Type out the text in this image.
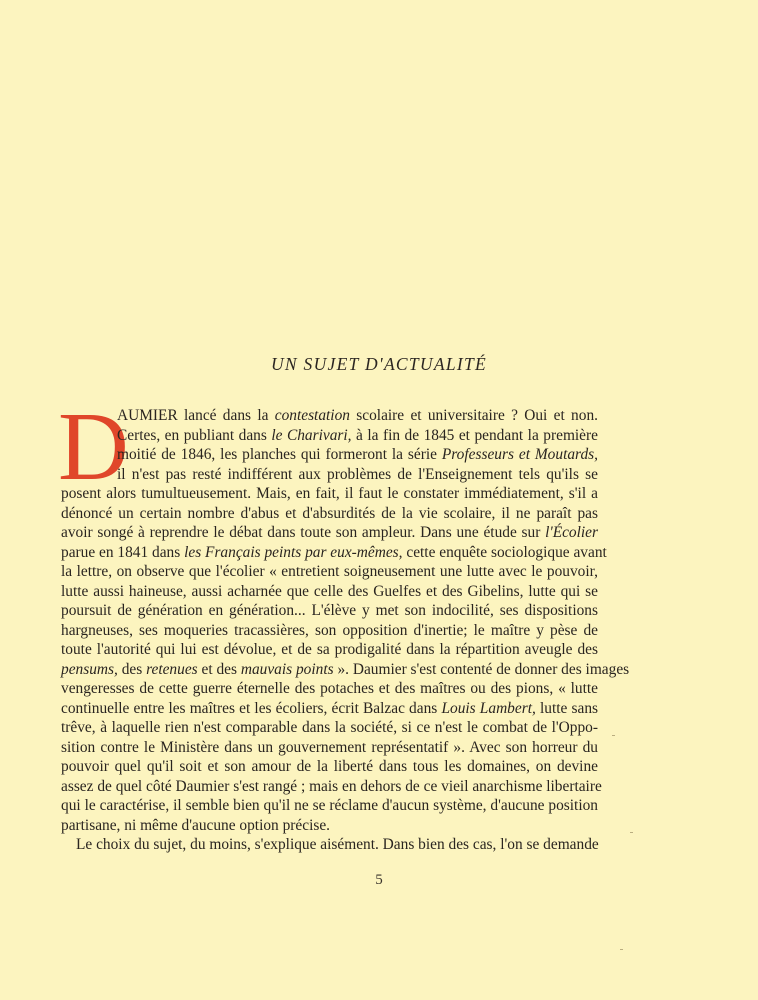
UN SUJET D'ACTUALITÉ
D
AUMIER lancé dans la contestation scolaire et universitaire ? Oui et non.
Certes, en publiant dans le Charivari, à la fin de 1845 et pendant la première
moitié de 1846, les planches qui formeront la série Professeurs et Moutards,
il n'est pas resté indifférent aux problèmes de l'Enseignement tels qu'ils se
posent alors tumultueusement. Mais, en fait, il faut le constater immédiatement, s'il a
dénoncé un certain nombre d'abus et d'absurdités de la vie scolaire, il ne paraît pas
avoir songé à reprendre le débat dans toute son ampleur. Dans une étude sur l'Écolier
parue en 1841 dans les Français peints par eux-mêmes, cette enquête sociologique avant
la lettre, on observe que l'écolier « entretient soigneusement une lutte avec le pouvoir,
lutte aussi haineuse, aussi acharnée que celle des Guelfes et des Gibelins, lutte qui se
poursuit de génération en génération... L'élève y met son indocilité, ses dispositions
hargneuses, ses moqueries tracassières, son opposition d'inertie; le maître y pèse de
toute l'autorité qui lui est dévolue, et de sa prodigalité dans la répartition aveugle des
pensums, des retenues et des mauvais points ». Daumier s'est contenté de donner des images
vengeresses de cette guerre éternelle des potaches et des maîtres ou des pions, « lutte
continuelle entre les maîtres et les écoliers, écrit Balzac dans Louis Lambert, lutte sans
trêve, à laquelle rien n'est comparable dans la société, si ce n'est le combat de l'Oppo-
sition contre le Ministère dans un gouvernement représentatif ». Avec son horreur du
pouvoir quel qu'il soit et son amour de la liberté dans tous les domaines, on devine
assez de quel côté Daumier s'est rangé ; mais en dehors de ce vieil anarchisme libertaire
qui le caractérise, il semble bien qu'il ne se réclame d'aucun système, d'aucune position
partisane, ni même d'aucune option précise.
Le choix du sujet, du moins, s'explique aisément. Dans bien des cas, l'on se demande
5
